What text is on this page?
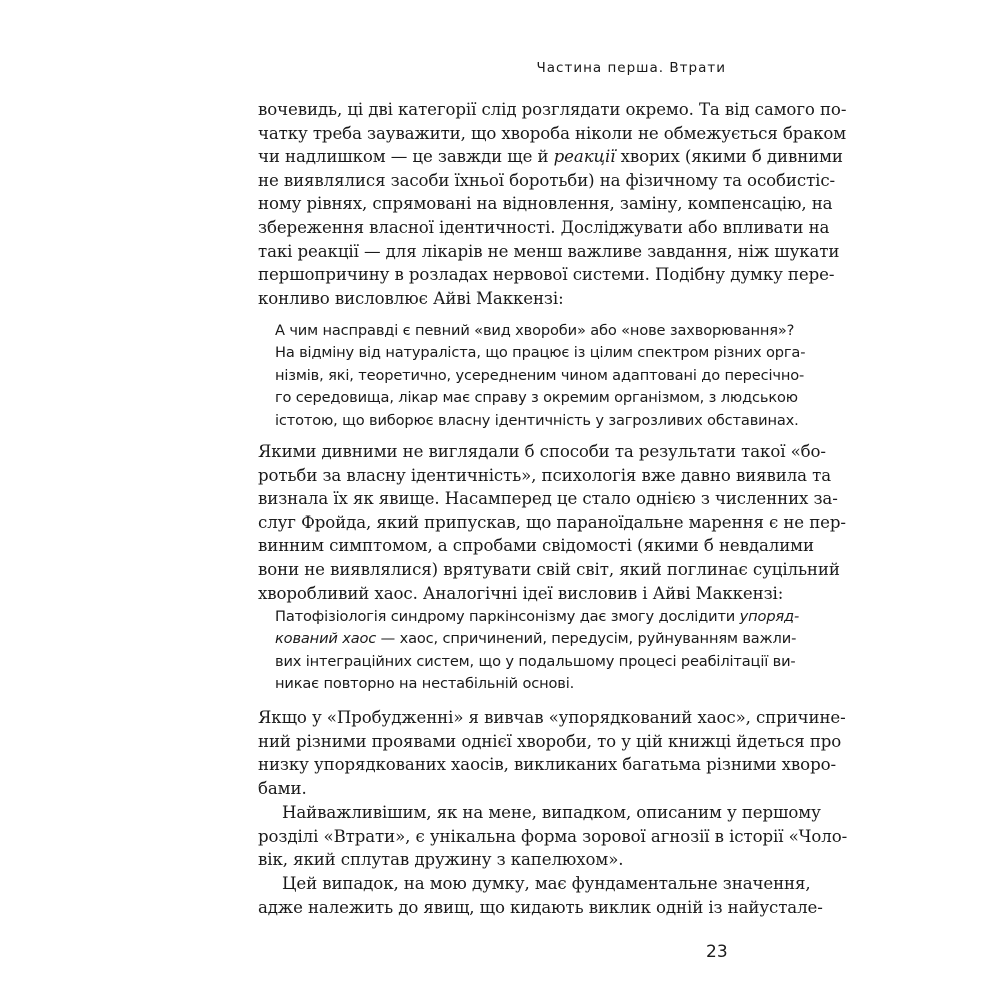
Частина перша. Втрати
вочевидь, ці дві категорії слід розглядати окремо. Та від самого по-
чатку треба зауважити, що хвороба ніколи не обмежується браком
чи надлишком — це завжди ще й реакції хворих (якими б дивними
не виявлялися засоби їхньої боротьби) на фізичному та особистіс-
ному рівнях, спрямовані на відновлення, заміну, компенсацію, на
збереження власної ідентичності. Досліджувати або впливати на
такі реакції — для лікарів не менш важливе завдання, ніж шукати
першопричину в розладах нервової системи. Подібну думку пере-
конливо висловлює Айві Маккензі:
А чим насправді є певний «вид хвороби» або «нове захворювання»?
На відміну від натураліста, що працює із цілим спектром різних орга-
нізмів, які, теоретично, усередненим чином адаптовані до пересічно-
го середовища, лікар має справу з окремим організмом, з людською
істотою, що виборює власну ідентичність у загрозливих обставинах.
Якими дивними не виглядали б способи та результати такої «бо-
ротьби за власну ідентичність», психологія вже давно виявила та
визнала їх як явище. Насамперед це стало однією з численних за-
слуг Фройда, який припускав, що параноїдальне марення є не пер-
винним симптомом, а спробами свідомості (якими б невдалими
вони не виявлялися) врятувати свій світ, який поглинає суцільний
хворобливий хаос. Аналогічні ідеї висловив і Айві Маккензі:
Патофізіологія синдрому паркінсонізму дає змогу дослідити упоряд-
кований хаос — хаос, спричинений, передусім, руйнуванням важли-
вих інтеграційних систем, що у подальшому процесі реабілітації ви-
никає повторно на нестабільній основі.
Якщо у «Пробудженні» я вивчав «упорядкований хаос», спричине-
ний різними проявами однієї хвороби, то у цій книжці йдеться про
низку упорядкованих хаосів, викликаних багатьма різними хворо-
бами.
Найважливішим, як на мене, випадком, описаним у першому
розділі «Втрати», є унікальна форма зорової агнозії в історії «Чоло-
вік, який сплутав дружину з капелюхом».
Цей випадок, на мою думку, має фундаментальне значення,
адже належить до явищ, що кидають виклик одній із найустале-
23
